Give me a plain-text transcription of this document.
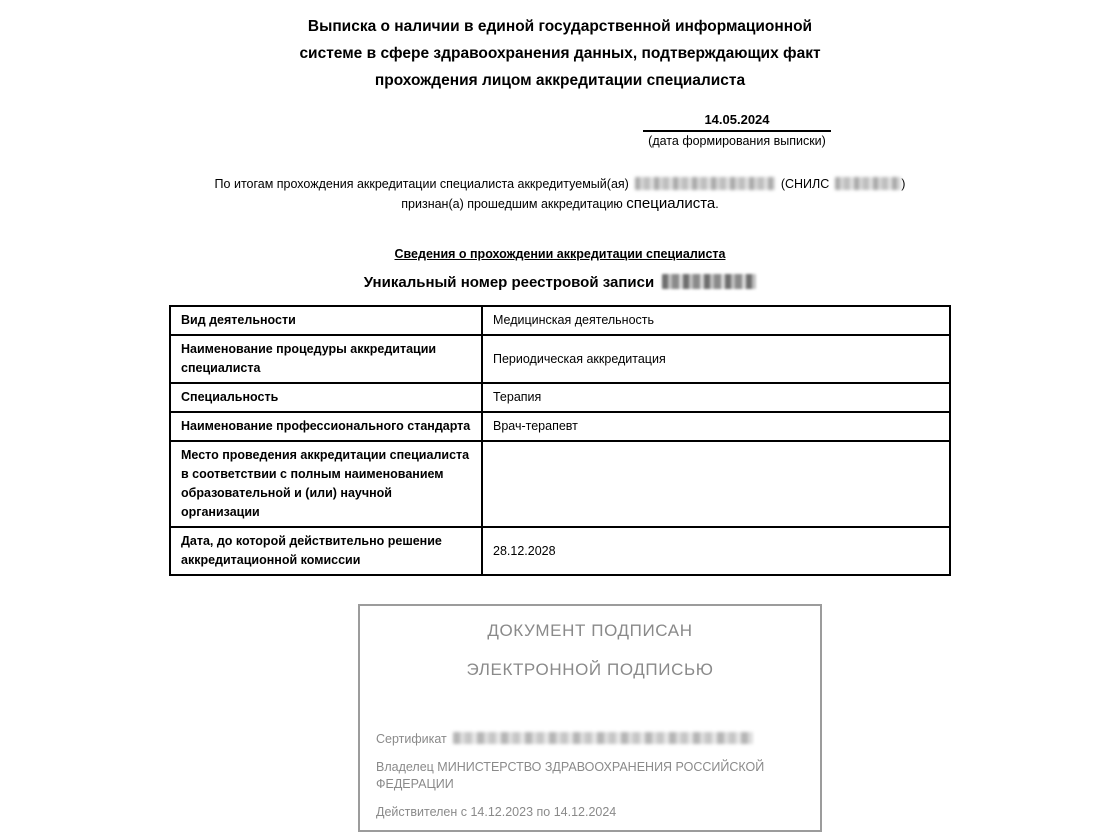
Выписка о наличии в единой государственной информационной системе в сфере здравоохранения данных, подтверждающих факт прохождения лицом аккредитации специалиста
14.05.2024
(дата формирования выписки)
По итогам прохождения аккредитации специалиста аккредитуемый(ая)	(СНИЛС	)
признан(а) прошедшим аккредитацию специалиста.
Сведения о прохождении аккредитации специалиста
Уникальный номер реестровой записи
Вид деятельности	Медицинская деятельность
Наименование процедуры аккредитации специалиста	Периодическая аккредитация
Специальность	Терапия
Наименование профессионального стандарта	Врач-терапевт
Место проведения аккредитации специалиста в соответствии с полным наименованием образовательной и (или) научной организации	
Дата, до которой действительно решение аккредитационной комиссии	28.12.2028
ДОКУМЕНТ ПОДПИСАН
ЭЛЕКТРОННОЙ ПОДПИСЬЮ
Сертификат
Владелец МИНИСТЕРСТВО ЗДРАВООХРАНЕНИЯ РОССИЙСКОЙ ФЕДЕРАЦИИ
Действителен с 14.12.2023 по 14.12.2024
